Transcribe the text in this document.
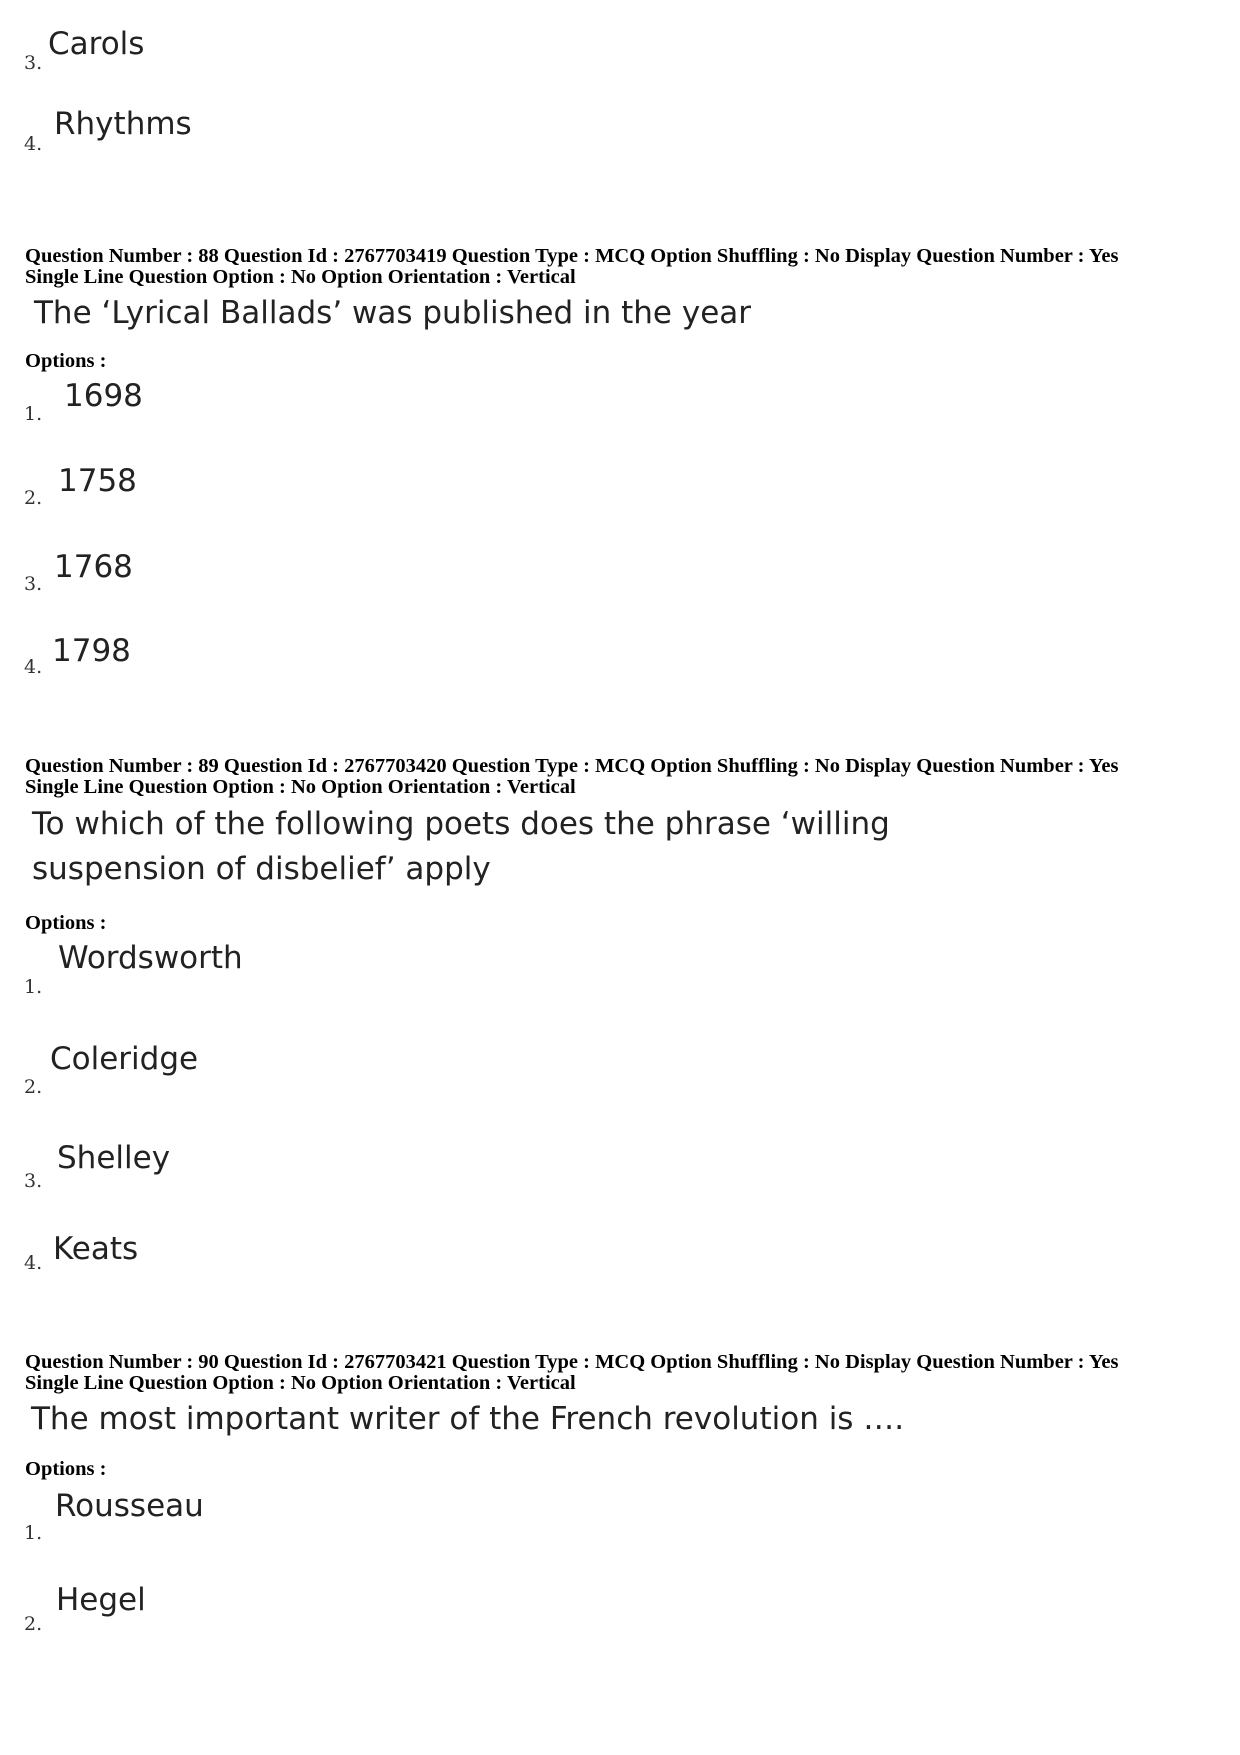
3.
Carols
4.
Rhythms
Question Number : 88 Question Id : 2767703419 Question Type : MCQ Option Shuffling : No Display Question Number : Yes
Single Line Question Option : No Option Orientation : Vertical
The ‘Lyrical Ballads’ was published in the year
Options :
1. 1698
2. 1758
3. 1768
4. 1798
Question Number : 89 Question Id : 2767703420 Question Type : MCQ Option Shuffling : No Display Question Number : Yes
Single Line Question Option : No Option Orientation : Vertical
To which of the following poets does the phrase ‘willing
suspension of disbelief’ apply
Options :
1.
Wordsworth
2.
Coleridge
3.
Shelley
4. Keats
Question Number : 90 Question Id : 2767703421 Question Type : MCQ Option Shuffling : No Display Question Number : Yes
Single Line Question Option : No Option Orientation : Vertical
The most important writer of the French revolution is ….
Options :
1.
Rousseau
2.
Hegel
